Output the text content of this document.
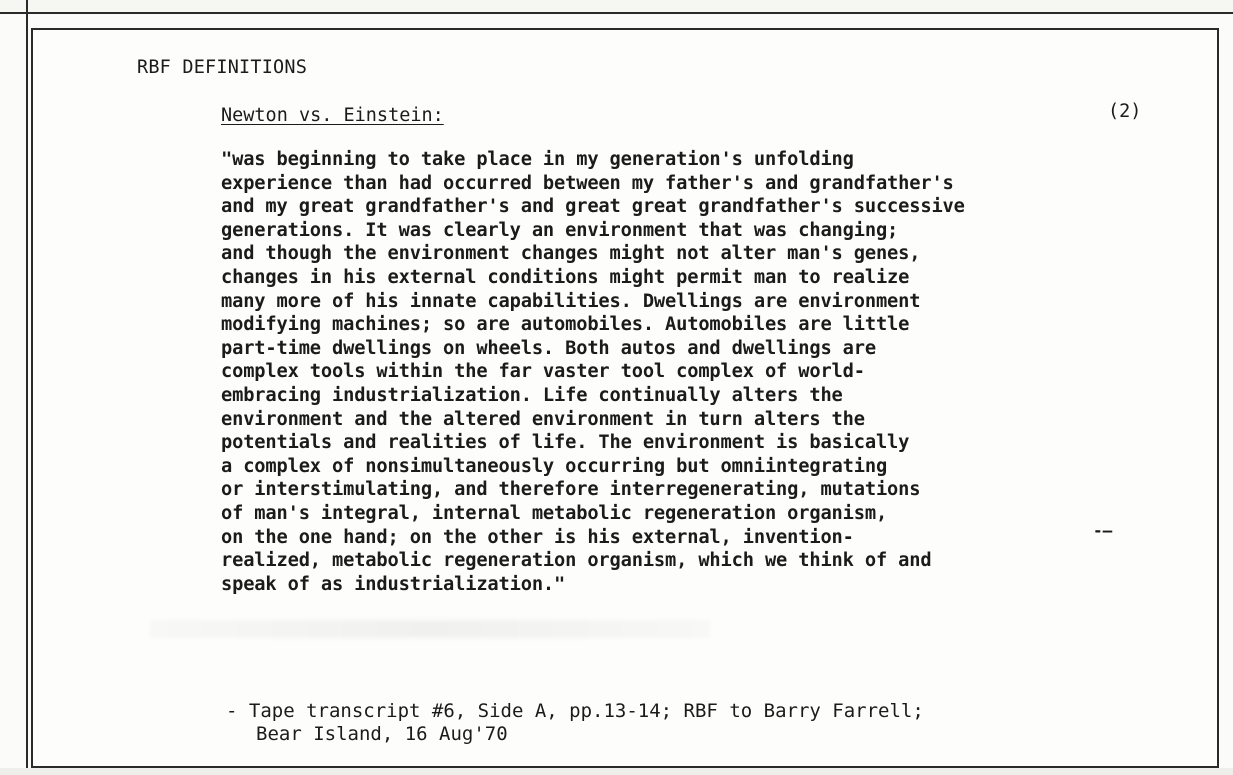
RBF DEFINITIONS
Newton vs. Einstein:	(2)
"was beginning to take place in my generation's unfolding
experience than had occurred between my father's and grandfather's
and my great grandfather's and great great grandfather's successive
generations. It was clearly an environment that was changing;
and though the environment changes might not alter man's genes,
changes in his external conditions might permit man to realize
many more of his innate capabilities. Dwellings are environment
modifying machines; so are automobiles. Automobiles are little
part-time dwellings on wheels. Both autos and dwellings are
complex tools within the far vaster tool complex of world-
embracing industrialization. Life continually alters the
environment and the altered environment in turn alters the
potentials and realities of life. The environment is basically
a complex of nonsimultaneously occurring but omniintegrating
or interstimulating, and therefore interregenerating, mutations
of man's integral, internal metabolic regeneration organism,
on the one hand; on the other is his external, invention-
realized, metabolic regeneration organism, which we think of and
speak of as industrialization."
-—
- Tape transcript #6, Side A, pp.13-14; RBF to Barry Farrell;
Bear Island, 16 Aug'70
